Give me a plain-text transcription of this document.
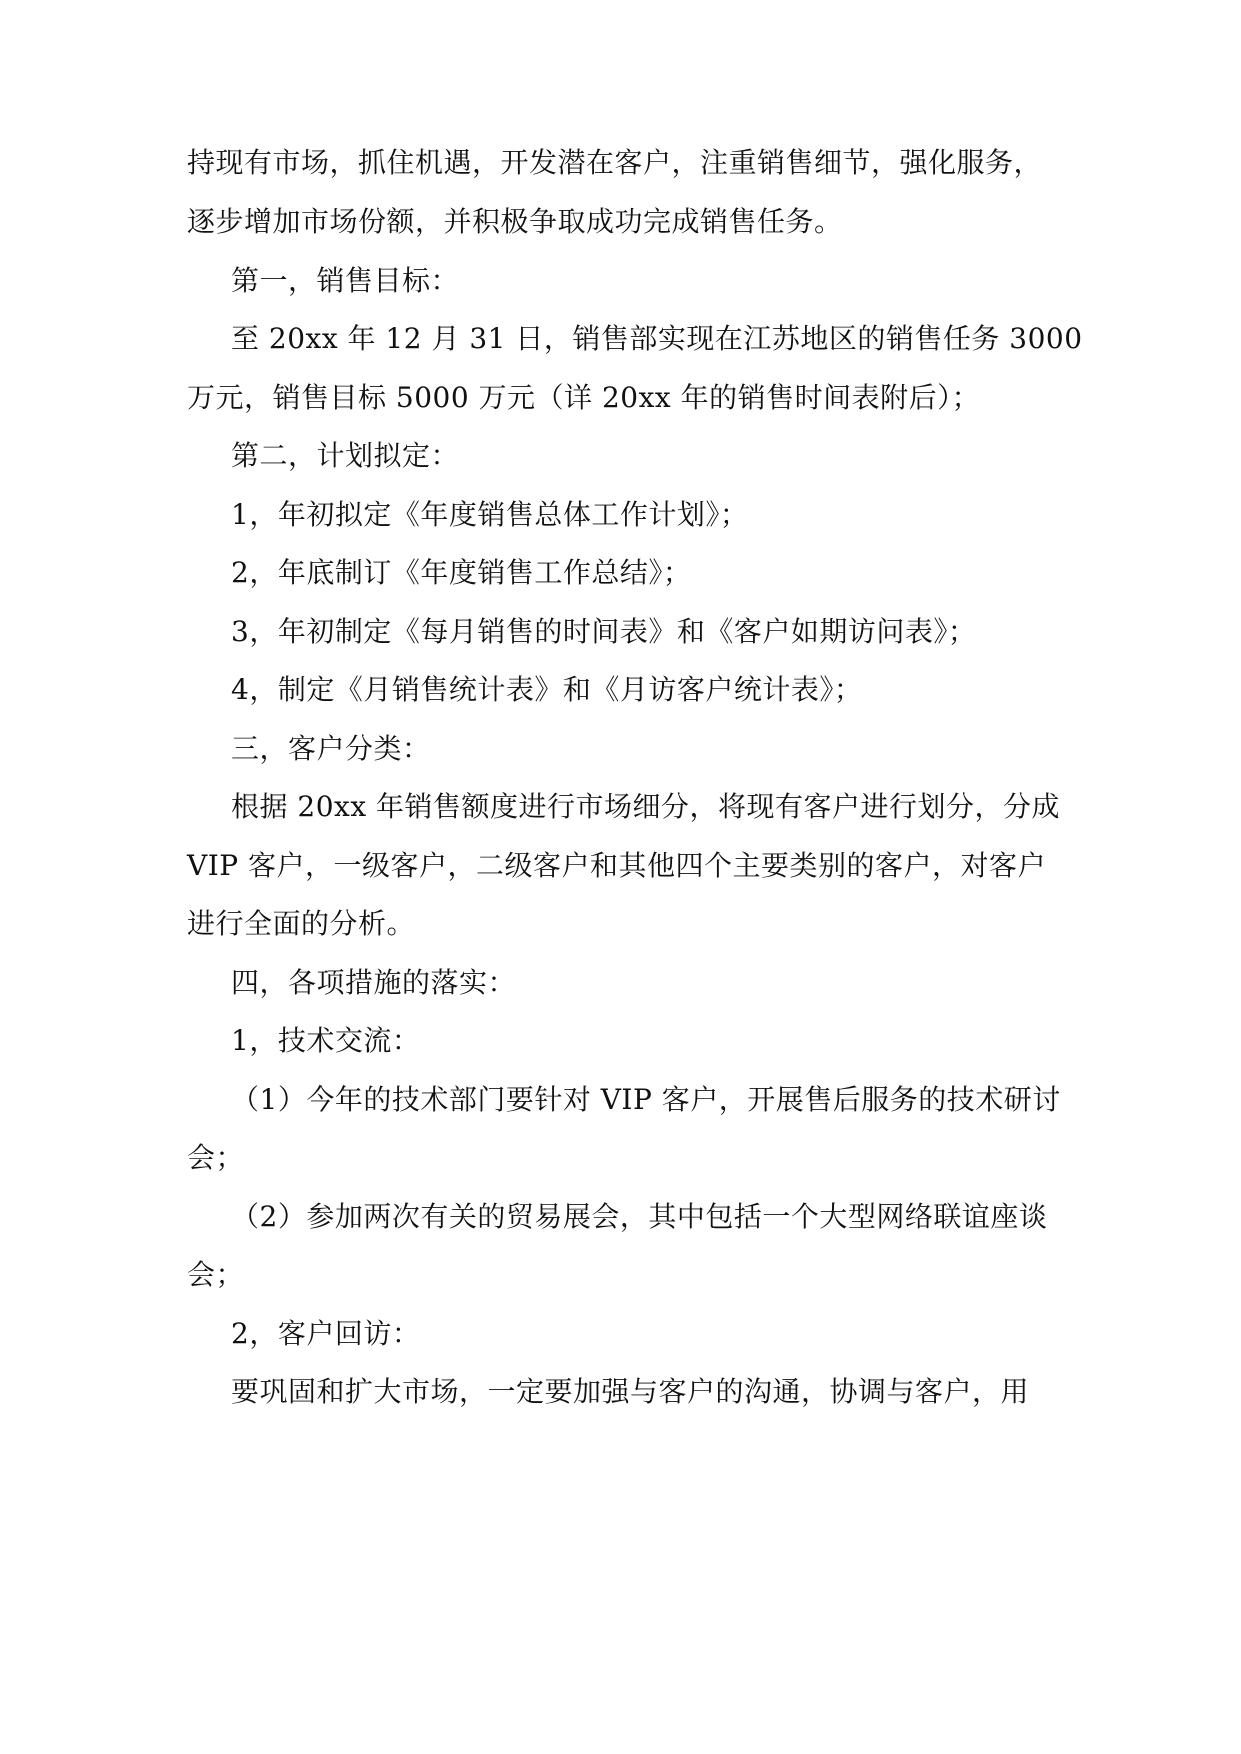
持现有市场，抓住机遇，开发潜在客户，注重销售细节，强化服务，
逐步增加市场份额，并积极争取成功完成销售任务。
第一，销售目标：
至 20xx 年 12 月 31 日，销售部实现在江苏地区的销售任务 3000
万元，销售目标 5000 万元（详 20xx 年的销售时间表附后）；
第二，计划拟定：
1，年初拟定《年度销售总体工作计划》；
2，年底制订《年度销售工作总结》；
3，年初制定《每月销售的时间表》和《客户如期访问表》；
4，制定《月销售统计表》和《月访客户统计表》；
三，客户分类：
根据 20xx 年销售额度进行市场细分，将现有客户进行划分，分成
VIP 客户，一级客户，二级客户和其他四个主要类别的客户，对客户
进行全面的分析。
四，各项措施的落实：
1，技术交流：
（1）今年的技术部门要针对 VIP 客户，开展售后服务的技术研讨
会；
（2）参加两次有关的贸易展会，其中包括一个大型网络联谊座谈
会；
2，客户回访：
要巩固和扩大市场，一定要加强与客户的沟通，协调与客户，用
